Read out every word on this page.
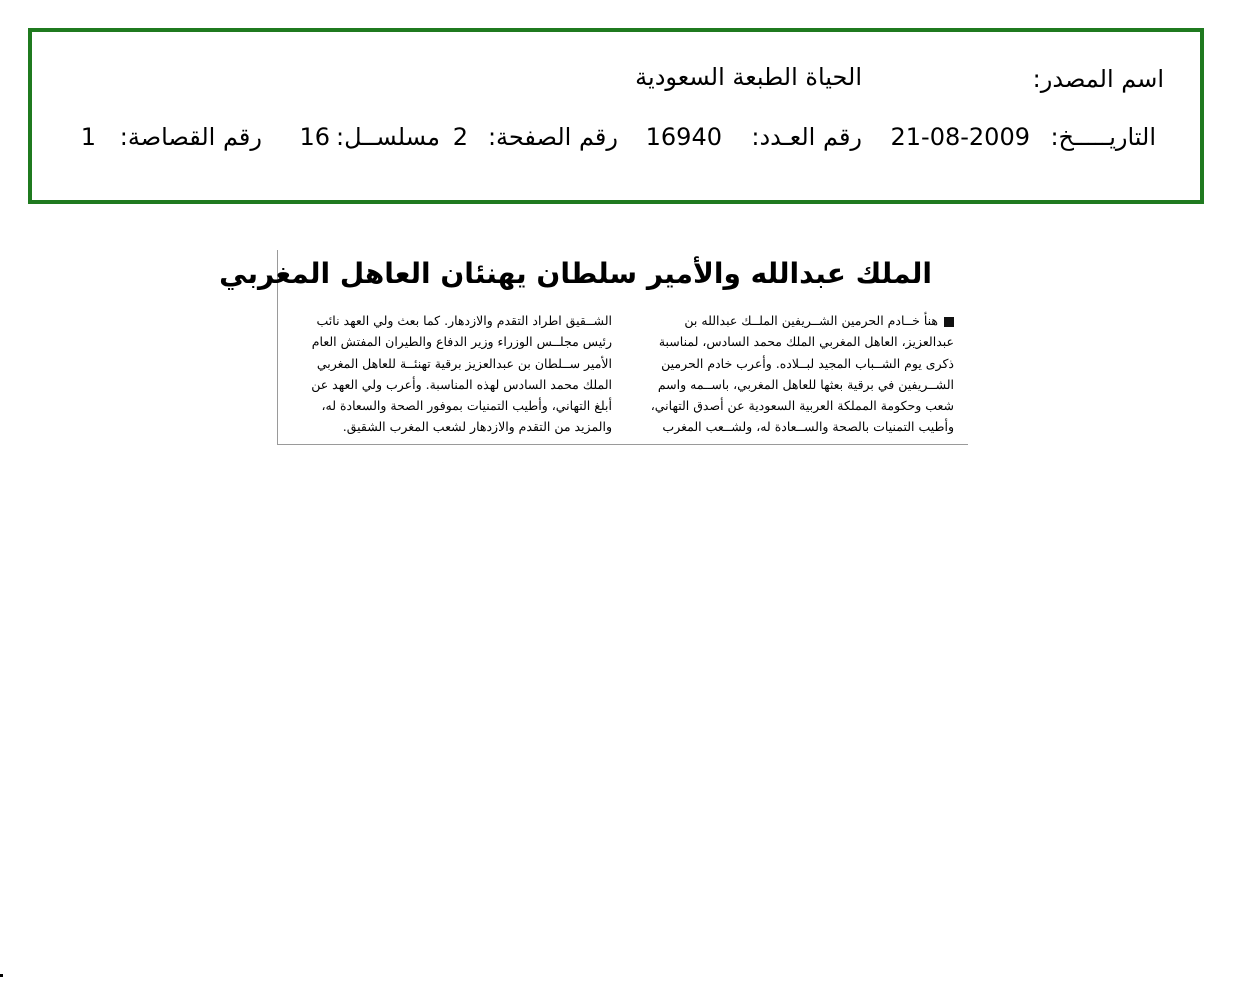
اسم المصدر:
الحياة الطبعة السعودية
التاريـــــخ:
21-08-2009
رقم العـدد:
16940
رقم الصفحة:
2
مسلســل:
16
رقم القصاصة:
1
الملك عبدالله والأمير سلطان يهنئان العاهل المغربي
هنأ خــادم الحرمين الشــريفين الملــك عبدالله بن
عبدالعزيز، العاهل المغربي الملك محمد السادس، لمناسبة
ذكرى يوم الشــباب المجيد لبــلاده. وأعرب خادم الحرمين
الشــريفين في برقية بعثها للعاهل المغربي، باســمه واسم
شعب وحكومة المملكة العربية السعودية عن أصدق التهاني،
وأطيب التمنيات بالصحة والســعادة له، ولشــعب المغرب
الشــقيق اطراد التقدم والازدهار. كما بعث ولي العهد نائب
رئيس مجلــس الوزراء وزير الدفاع والطيران المفتش العام
الأمير ســلطان بن عبدالعزيز برقية تهنئــة للعاهل المغربي
الملك محمد السادس لهذه المناسبة. وأعرب ولي العهد عن
أبلغ التهاني، وأطيب التمنيات بموفور الصحة والسعادة له،
والمزيد من التقدم والازدهار لشعب المغرب الشقيق.
